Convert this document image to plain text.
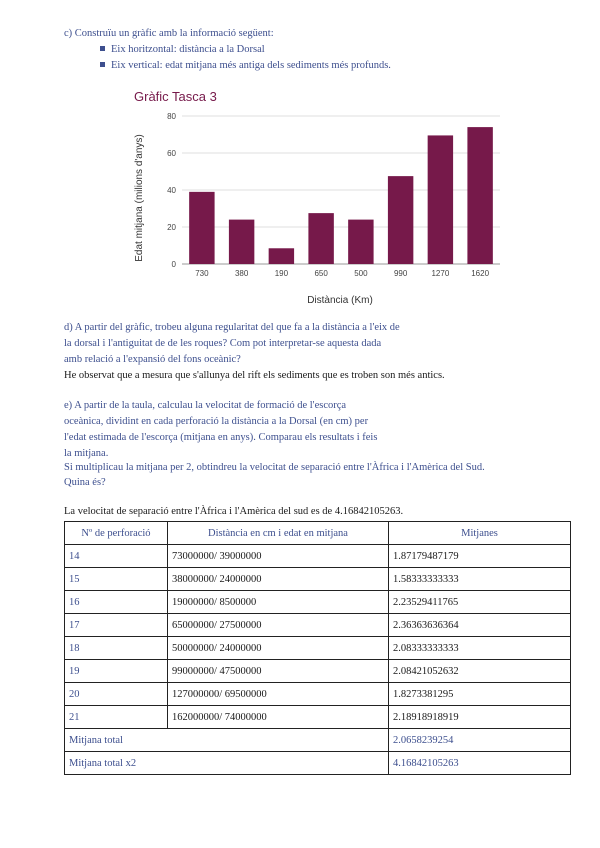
c) Construïu un gràfic amb la informació següent:
Eix horitzontal: distància a la Dorsal
Eix vertical: edat mitjana més antiga dels sediments més profunds.
Gràfic Tasca 3
Edat mitjana (milions d'anys)
Distància (Km)
0
20
40
60
80
730	380	190	650	500	990	1270	1620
d) A partir del gràfic, trobeu alguna regularitat del que fa a la distància a l'eix de
la dorsal i l'antiguitat de de les roques? Com pot interpretar-se aquesta dada
amb relació a l'expansió del fons oceànic?
He observat que a mesura que s'allunya del rift els sediments que es troben son més antics.
e) A partir de la taula, calculau la velocitat de formació de l'escorça
oceànica, dividint en cada perforació la distància a la Dorsal (en cm) per
l'edat estimada de l'escorça (mitjana en anys). Comparau els resultats i feis
la mitjana.
Si multiplicau la mitjana per 2, obtindreu la velocitat de separació entre l'Àfrica i l'Amèrica del Sud.
Quina és?
La velocitat de separació entre l'Àfrica i l'Amèrica del sud es de 4.16842105263.
Nº de perforació	Distància en cm i edat en mitjana	Mitjanes
14	73000000/ 39000000	1.87179487179
15	38000000/ 24000000	1.58333333333
16	19000000/ 8500000	2.23529411765
17	65000000/ 27500000	2.36363636364
18	50000000/ 24000000	2.08333333333
19	99000000/ 47500000	2.08421052632
20	127000000/ 69500000	1.8273381295
21	162000000/ 74000000	2.18918918919
Mitjana total		2.0658239254
Mitjana total x2		4.16842105263
